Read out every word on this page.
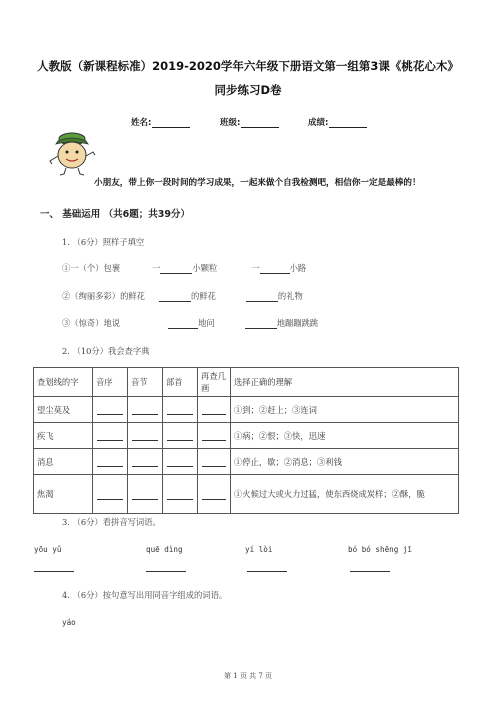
人教版（新课程标准）2019-2020学年六年级下册语文第一组第3课《桃花心木》
同步练习D卷
姓名:	班级:	成绩:
小朋友，带上你一段时间的学习成果，一起来做个自我检测吧，相信你一定是最棒的！
一、 基础运用 （共6题；共39分）
1. （6分）照样子填空
①一（个）包裹	一	小颗粒	一	小路
②（绚丽多彩）的鲜花	的鲜花	的礼物
③（惊奇）地说	地问	地蹦蹦跳跳
2. （10分）我会查字典
查划线的字	音序	音节	部首	再查几画	选择正确的理解
望尘莫及					①到；②赶上；③连词
疾飞					①病；②恨；③快，迅速
消息					①停止，歇；②消息；③利钱
焦渴					①火候过大或火力过猛，使东西烧成炭样；②酥，脆
3. （6分）看拼音写词语。
yōu yǔ	quē dìng	yí lòi	bó bó shēng jī
4. （6分）按句意写出用同音字组成的词语。
yáo
第 1 页 共 7 页
